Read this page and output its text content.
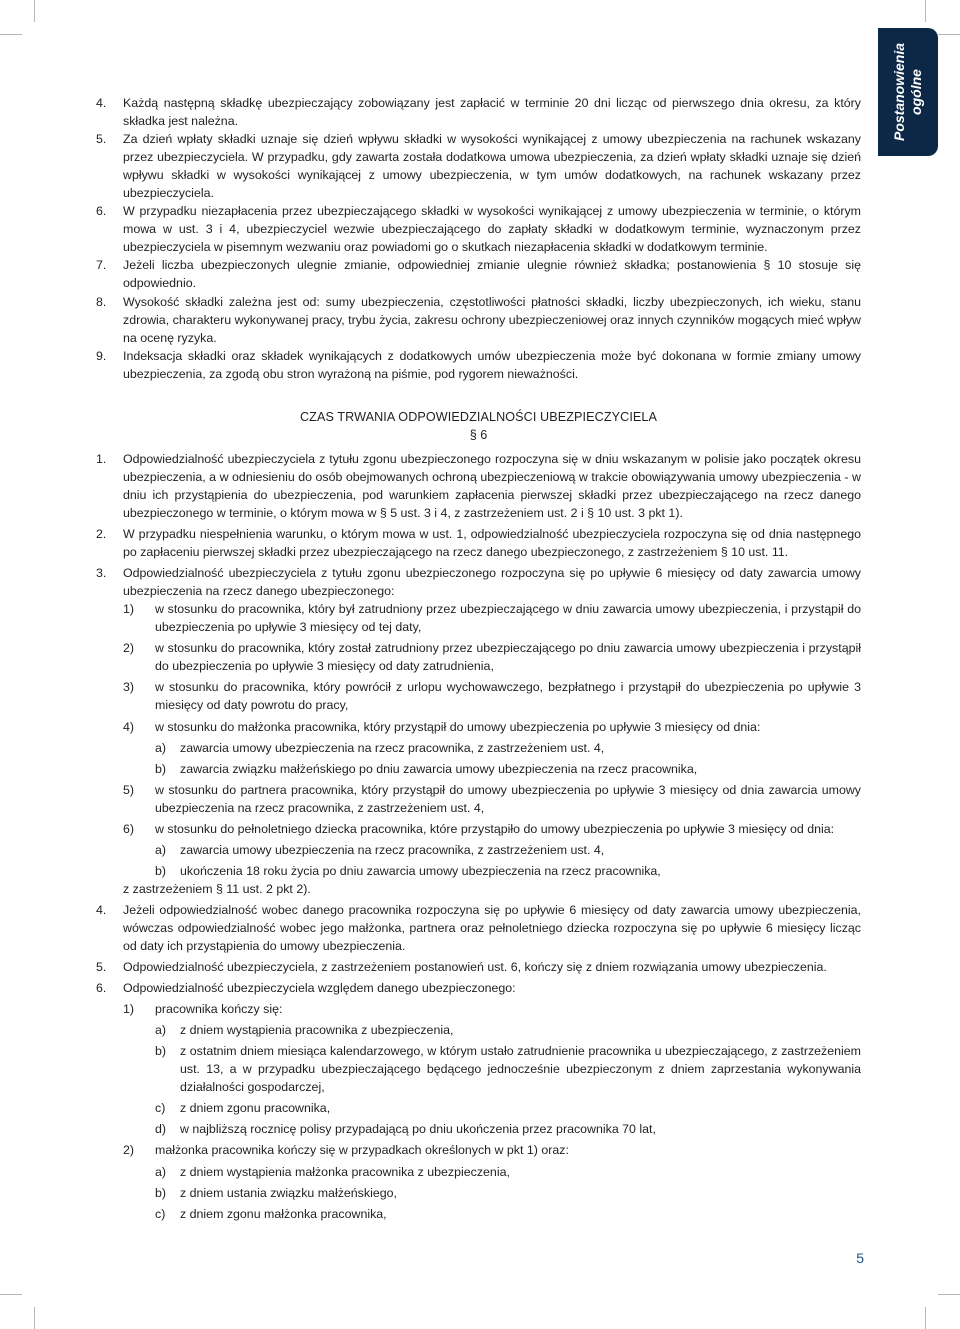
Postanowienia ogólne
4.	Każdą następną składkę ubezpieczający zobowiązany jest zapłacić w terminie 20 dni licząc od pierwszego dnia okresu, za który składka jest należna.
5.	Za dzień wpłaty składki uznaje się dzień wpływu składki w wysokości wynikającej z umowy ubezpieczenia na rachunek wskazany przez ubezpieczyciela. W przypadku, gdy zawarta została dodatkowa umowa ubezpieczenia, za dzień wpłaty składki uznaje się dzień wpływu składki w wysokości wynikającej z umowy ubezpieczenia, w tym umów dodatkowych, na rachunek wskazany przez ubezpieczyciela.
6.	W przypadku niezapłacenia przez ubezpieczającego składki w wysokości wynikającej z umowy ubezpieczenia w terminie, o którym mowa w ust. 3 i 4, ubezpieczyciel wezwie ubezpieczającego do zapłaty składki w dodatkowym terminie, wyznaczonym przez ubezpieczyciela w pisemnym wezwaniu oraz powiadomi go o skutkach niezapłacenia składki w dodatkowym terminie.
7.	Jeżeli liczba ubezpieczonych ulegnie zmianie, odpowiedniej zmianie ulegnie również składka; postanowienia § 10 stosuje się odpowiednio.
8.	Wysokość składki zależna jest od: sumy ubezpieczenia, częstotliwości płatności składki, liczby ubezpieczonych, ich wieku, stanu zdrowia, charakteru wykonywanej pracy, trybu życia, zakresu ochrony ubezpieczeniowej oraz innych czynników mogących mieć wpływ na ocenę ryzyka.
9.	Indeksacja składki oraz składek wynikających z dodatkowych umów ubezpieczenia może być dokonana w formie zmiany umowy ubezpieczenia, za zgodą obu stron wyrażoną na piśmie, pod rygorem nieważności.
CZAS TRWANIA ODPOWIEDZIALNOŚCI UBEZPIECZYCIELA
§ 6
1.	Odpowiedzialność ubezpieczyciela z tytułu zgonu ubezpieczonego rozpoczyna się w dniu wskazanym w polisie jako początek okresu ubezpieczenia, a w odniesieniu do osób obejmowanych ochroną ubezpieczeniową w trakcie obowiązywania umowy ubezpieczenia - w dniu ich przystąpienia do ubezpieczenia, pod warunkiem zapłacenia pierwszej składki przez ubezpieczającego na rzecz danego ubezpieczonego w terminie, o którym mowa w § 5 ust. 3 i 4, z zastrzeżeniem ust. 2 i § 10 ust. 3 pkt 1).
2.	W przypadku niespełnienia warunku, o którym mowa w ust. 1, odpowiedzialność ubezpieczyciela rozpoczyna się od dnia następnego po zapłaceniu pierwszej składki przez ubezpieczającego na rzecz danego ubezpieczonego, z zastrzeżeniem § 10 ust. 11.
3.	Odpowiedzialność ubezpieczyciela z tytułu zgonu ubezpieczonego rozpoczyna się po upływie 6 miesięcy od daty zawarcia umowy ubezpieczenia na rzecz danego ubezpieczonego:
1)	w stosunku do pracownika, który był zatrudniony przez ubezpieczającego w dniu zawarcia umowy ubezpieczenia, i przystąpił do ubezpieczenia po upływie 3 miesięcy od tej daty,
2)	w stosunku do pracownika, który został zatrudniony przez ubezpieczającego po dniu zawarcia umowy ubezpieczenia i przystąpił do ubezpieczenia po upływie 3 miesięcy od daty zatrudnienia,
3)	w stosunku do pracownika, który powrócił z urlopu wychowawczego, bezpłatnego i przystąpił do ubezpieczenia po upływie 3 miesięcy od daty powrotu do pracy,
4)	w stosunku do małżonka pracownika, który przystąpił do umowy ubezpieczenia po upływie 3 miesięcy od dnia:
a)	zawarcia umowy ubezpieczenia na rzecz pracownika, z zastrzeżeniem ust. 4,
b)	zawarcia związku małżeńskiego po dniu zawarcia umowy ubezpieczenia na rzecz pracownika,
5)	w stosunku do partnera pracownika, który przystąpił do umowy ubezpieczenia po upływie 3 miesięcy od dnia zawarcia umowy ubezpieczenia na rzecz pracownika, z zastrzeżeniem ust. 4,
6)	w stosunku do pełnoletniego dziecka pracownika, które przystąpiło do umowy ubezpieczenia po upływie 3 miesięcy od dnia:
a)	zawarcia umowy ubezpieczenia na rzecz pracownika, z zastrzeżeniem ust. 4,
b)	ukończenia 18 roku życia po dniu zawarcia umowy ubezpieczenia na rzecz pracownika,
z zastrzeżeniem § 11 ust. 2 pkt 2).
4.	Jeżeli odpowiedzialność wobec danego pracownika rozpoczyna się po upływie 6 miesięcy od daty zawarcia umowy ubezpieczenia, wówczas odpowiedzialność wobec jego małżonka, partnera oraz pełnoletniego dziecka rozpoczyna się po upływie 6 miesięcy licząc od daty ich przystąpienia do umowy ubezpieczenia.
5.	Odpowiedzialność ubezpieczyciela, z zastrzeżeniem postanowień ust. 6, kończy się z dniem rozwiązania umowy ubezpieczenia.
6.	Odpowiedzialność ubezpieczyciela względem danego ubezpieczonego:
1)	pracownika kończy się:
a)	z dniem wystąpienia pracownika z ubezpieczenia,
b)	z ostatnim dniem miesiąca kalendarzowego, w którym ustało zatrudnienie pracownika u ubezpieczającego, z zastrzeżeniem ust. 13, a w przypadku ubezpieczającego będącego jednocześnie ubezpieczonym z dniem zaprzestania wykonywania działalności gospodarczej,
c)	z dniem zgonu pracownika,
d)	w najbliższą rocznicę polisy przypadającą po dniu ukończenia przez pracownika 70 lat,
2)	małżonka pracownika kończy się w przypadkach określonych w pkt 1) oraz:
a)	z dniem wystąpienia małżonka pracownika z ubezpieczenia,
b)	z dniem ustania związku małżeńskiego,
c)	z dniem zgonu małżonka pracownika,
5
